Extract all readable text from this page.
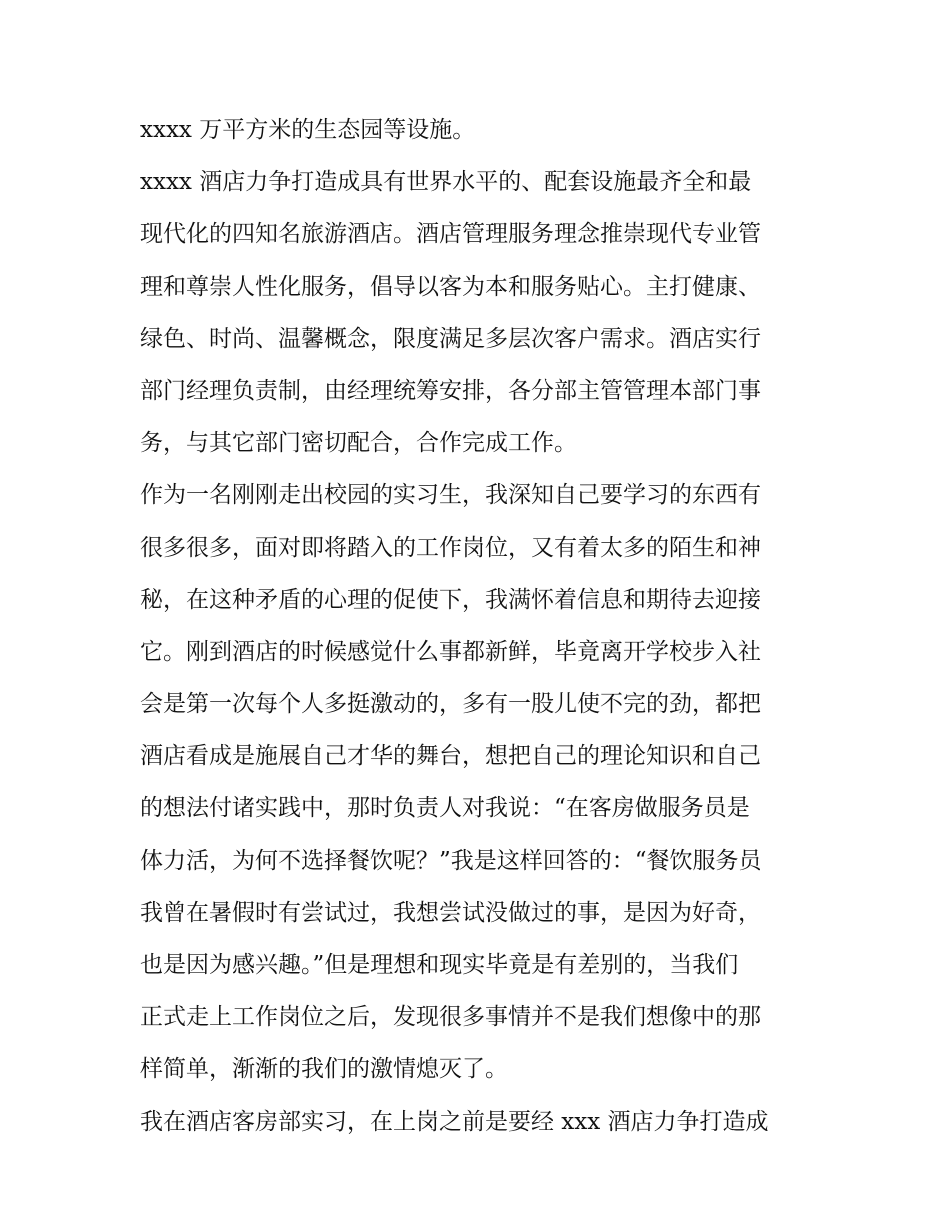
xxxx 万平方米的生态园等设施。

xxxx 酒店力争打造成具有世界水平的、配套设施最齐全和最

现代化的四知名旅游酒店。酒店管理服务理念推崇现代专业管

理和尊崇人性化服务，倡导以客为本和服务贴心。主打健康、

绿色、时尚、温馨概念，限度满足多层次客户需求。酒店实行

部门经理负责制，由经理统筹安排，各分部主管管理本部门事

务，与其它部门密切配合，合作完成工作。

作为一名刚刚走出校园的实习生，我深知自己要学习的东西有

很多很多，面对即将踏入的工作岗位，又有着太多的陌生和神

秘，在这种矛盾的心理的促使下，我满怀着信息和期待去迎接

它。刚到酒店的时候感觉什么事都新鲜，毕竟离开学校步入社

会是第一次每个人多挺激动的，多有一股儿使不完的劲，都把

酒店看成是施展自己才华的舞台，想把自己的理论知识和自己

的想法付诸实践中，那时负责人对我说：“在客房做服务员是

体力活，为何不选择餐饮呢？”我是这样回答的：“餐饮服务员

我曾在暑假时有尝试过，我想尝试没做过的事，是因为好奇，

也是因为感兴趣。”但是理想和现实毕竟是有差别的，当我们

正式走上工作岗位之后，发现很多事情并不是我们想像中的那

样简单，渐渐的我们的激情熄灭了。

我在酒店客房部实习，在上岗之前是要经 xxx 酒店力争打造成
